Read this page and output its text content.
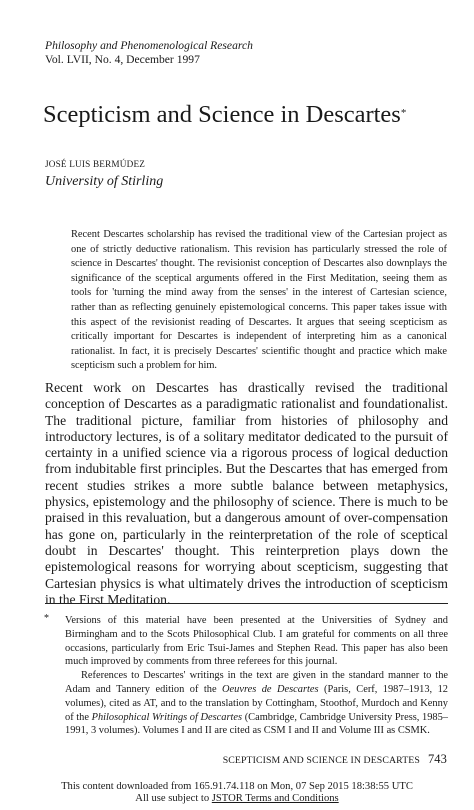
Philosophy and Phenomenological Research
Vol. LVII, No. 4, December 1997
Scepticism and Science in Descartes*
JOSÉ LUIS BERMÚDEZ
University of Stirling

Recent Descartes scholarship has revised the traditional view of the Cartesian project as one of strictly deductive rationalism. This revision has particularly stressed the role of science in Descartes' thought. The revisionist conception of Descartes also downplays the significance of the sceptical arguments offered in the First Meditation, seeing them as tools for 'turning the mind away from the senses' in the interest of Cartesian science, rather than as reflecting genuinely epistemological concerns. This paper takes issue with this aspect of the revisionist reading of Descartes. It argues that seeing scepticism as critically important for Descartes is independent of interpreting him as a canonical rationalist. In fact, it is precisely Descartes' scientific thought and practice which make scepticism such a problem for him.

Recent work on Descartes has drastically revised the traditional conception of Descartes as a paradigmatic rationalist and foundationalist. The traditional picture, familiar from histories of philosophy and introductory lectures, is of a solitary meditator dedicated to the pursuit of certainty in a unified science via a rigorous process of logical deduction from indubitable first principles. But the Descartes that has emerged from recent studies strikes a more subtle balance between metaphysics, physics, epistemology and the philosophy of science. There is much to be praised in this revaluation, but a dangerous amount of over-compensation has gone on, particularly in the reinterpretation of the role of sceptical doubt in Descartes' thought. This reinterpretion plays down the epistemological reasons for worrying about scepticism, suggesting that Cartesian physics is what ultimately drives the introduction of scepticism in the First Meditation.

* Versions of this material have been presented at the Universities of Sydney and Birmingham and to the Scots Philosophical Club. I am grateful for comments on all three occasions, particularly from Eric Tsui-James and Stephen Read. This paper has also been much improved by comments from three referees for this journal.

References to Descartes' writings in the text are given in the standard manner to the Adam and Tannery edition of the Oeuvres de Descartes (Paris, Cerf, 1987–1913, 12 volumes), cited as AT, and to the translation by Cottingham, Stoothof, Murdoch and Kenny of the Philosophical Writings of Descartes (Cambridge, Cambridge University Press, 1985–1991, 3 volumes). Volumes I and II are cited as CSM I and II and Volume III as CSMK.

SCEPTICISM AND SCIENCE IN DESCARTES 743
This content downloaded from 165.91.74.118 on Mon, 07 Sep 2015 18:38:55 UTC
All use subject to JSTOR Terms and Conditions
